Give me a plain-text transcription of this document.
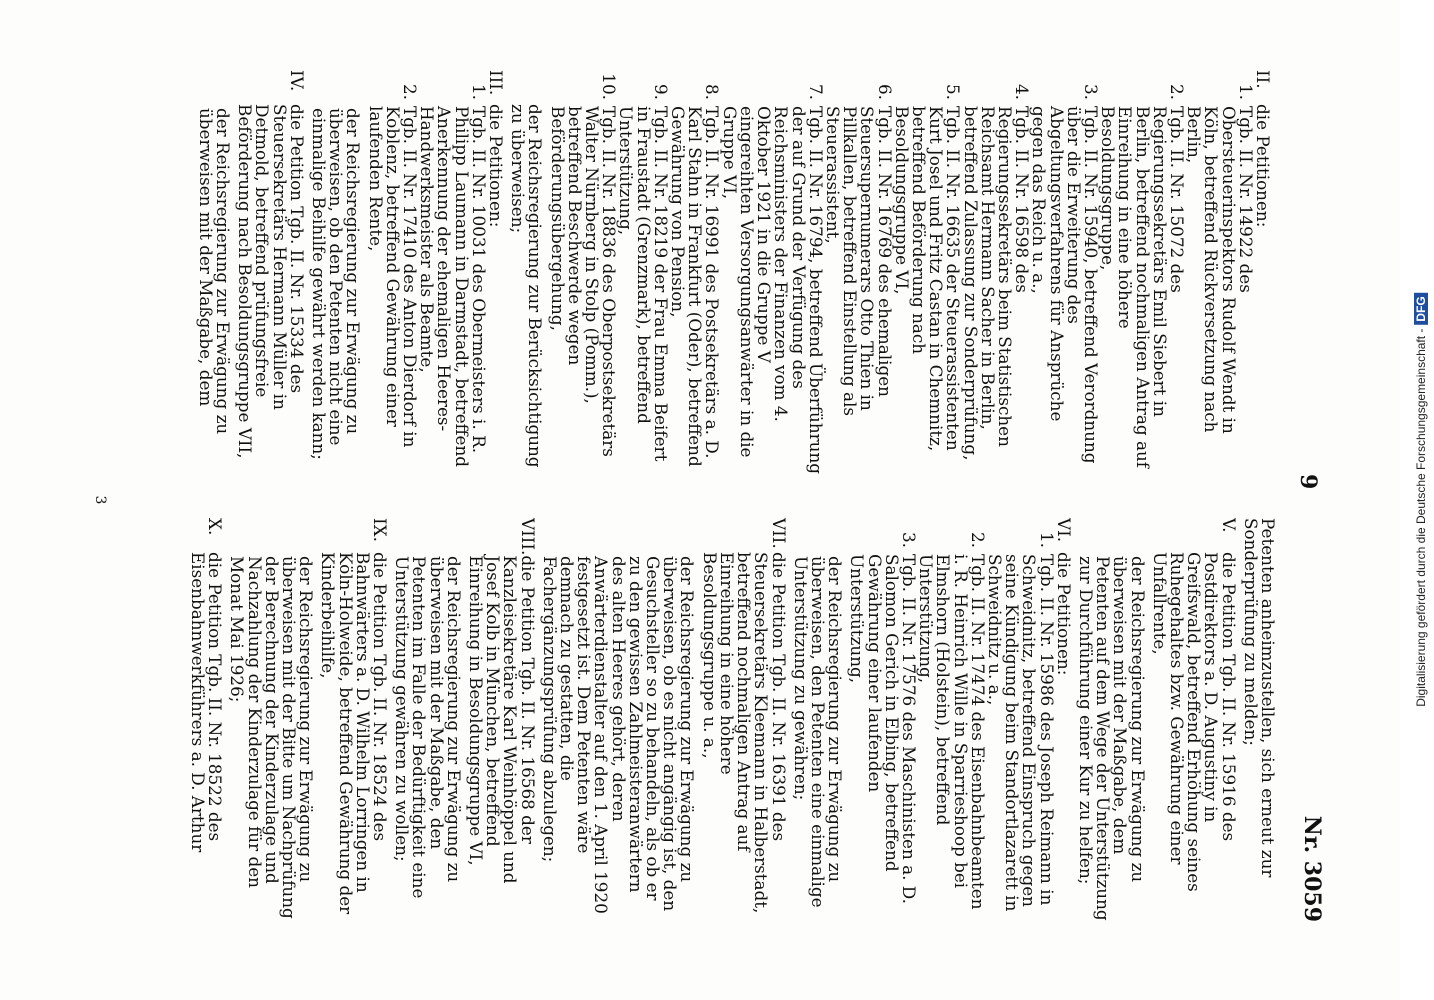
9
Nr. 3059
II.
die Petitionen:
1.
Tgb. II. Nr. 14922 des Obersteuerinspektors Rudolf Wendt in Köln, betreffend Rückversetzung nach Berlin,
2.
Tgb. II. Nr. 15072 des Regierungssekretärs Emil Siebert in Berlin, betreffend nochmaligen Antrag auf Einreihung in eine höhere Besoldungsgruppe,
3.
Tgb. II. Nr. 15940, betreffend Verordnung über die Erweiterung des Abgeltungsverfahrens für Ansprüche gegen das Reich u. a.,
4.
Tgb. II. Nr. 16598 des Regierungssekretärs beim Statistischen Reichsamt Hermann Sacher in Berlin, betreffend Zulassung zur Sonderprüfung,
5.
Tgb. II. Nr. 16635 der Steuerassistenten Kurt Josel und Fritz Castan in Chemnitz, betreffend Beförderung nach Besoldungsgruppe VI,
6.
Tgb. II. Nr. 16769 des ehemaligen Steuersupernumerars Otto Thien in Pillkallen, betreffend Einstellung als Steuerassistent,
7.
Tgb. II. Nr. 16794, betreffend Überführung der auf Grund der Verfügung des Reichsministers der Finanzen vom 4. Oktober 1921 in die Gruppe V eingereihten Versorgungsanwärter in die Gruppe VI,
8.
Tgb. II. Nr. 16991 des Postsekretärs a. D. Karl Stahn in Frankfurt (Oder), betreffend Gewährung von Pension,
9.
Tgb. II. Nr. 18219 der Frau Emma Beifert in Fraustadt (Grenzmark), betreffend Unterstützung,
10.
Tgb. II. Nr. 18836 des Oberpostsekretärs Walter Nürnberg in Stolp (Pomm.), betreffend Beschwerde wegen Beförderungsübergehung,
der Reichsregierung zur Berücksichtigung
zu überweisen;
III.
die Petitionen:
1.
Tgb. II. Nr. 10031 des Obermeisters i. R. Philipp Laumann in Darmstadt, betreffend Anerkennung der ehemaligen Heeres-Handwerksmeister als Beamte,
2.
Tgb. II. Nr. 17410 des Anton Dierdorf in Koblenz, betreffend Gewährung einer laufenden Rente,
der Reichsregierung zur Erwägung zu überweisen, ob den Petenten nicht eine einmalige Beihilfe gewährt werden kann;
IV.
die Petition Tgb. II. Nr. 15334 des Steuersekretärs Hermann Müller in Detmold, betreffend prüfungsfreie Beförderung nach Besoldungsgruppe VII,
der Reichsregierung zur Erwägung zu überweisen mit der Maßgabe, dem
Petenten anheimzustellen, sich erneut zur Sonderprüfung zu melden;
V.
die Petition Tgb. II. Nr. 15916 des Postdirektors a. D. Augustiny in Greifswald, betreffend Erhöhung seines Ruhegehaltes bzw. Gewährung einer Unfallrente,
der Reichsregierung zur Erwägung zu überweisen mit der Maßgabe, dem Petenten auf dem Wege der Unterstützung zur Durchführung einer Kur zu helfen;
VI.
die Petitionen:
1.
Tgb. II. Nr. 15986 des Joseph Reimann in Schweidnitz, betreffend Einspruch gegen seine Kündigung beim Standortlazarett in Schweidnitz u. a.,
2.
Tgb. II. Nr. 17474 des Eisenbahnbeamten i. R. Heinrich Wille in Sparrieshoop bei Elmshorn (Holstein), betreffend Unterstützung,
3.
Tgb. II. Nr. 17576 des Maschinisten a. D. Salomon Gerich in Elbing, betreffend Gewährung einer laufenden Unterstützung,
der Reichsregierung zur Erwägung zu überweisen, den Petenten eine einmalige Unterstützung zu gewähren;
VII.
die Petition Tgb. II. Nr. 16391 des Steuersekretärs Kleemann in Halberstadt, betreffend nochmaligen Antrag auf Einreihung in eine höhere Besoldungsgruppe u. a.,
der Reichsregierung zur Erwägung zu überweisen, ob es nicht angängig ist, den Gesuchsteller so zu behandeln, als ob er zu den gewissen Zahlmeisteranwärtern des alten Heeres gehört, deren Anwärterdienstalter auf den 1. April 1920 festgesetzt ist. Dem Petenten wäre demnach zu gestatten, die Fachergänzungsprüfung abzulegen;
VIII.
die Petition Tgb. II. Nr. 16568 der Kanzleisekretäre Karl Weinhöppel und Josef Kolb in München, betreffend Einreihung in Besoldungsgruppe VI,
der Reichsregierung zur Erwägung zu überweisen mit der Maßgabe, den Petenten im Falle der Bedürftigkeit eine Unterstützung gewähren zu wollen;
IX.
die Petition Tgb. II. Nr. 18524 des Bahnwärters a. D. Wilhelm Lorringen in Köln-Holweide, betreffend Gewährung der Kinderbeihilfe,
der Reichsregierung zur Erwägung zu überweisen mit der Bitte um Nachprüfung der Berechnung der Kinderzulage und Nachzahlung der Kinderzulage für den Monat Mai 1926;
X.
die Petition Tgb. II. Nr. 18522 des Eisenbahnwerkführers a. D. Arthur
3	Digitalisierung gefördert durch die Deutsche Forschungsgemeinschaft -DFG
